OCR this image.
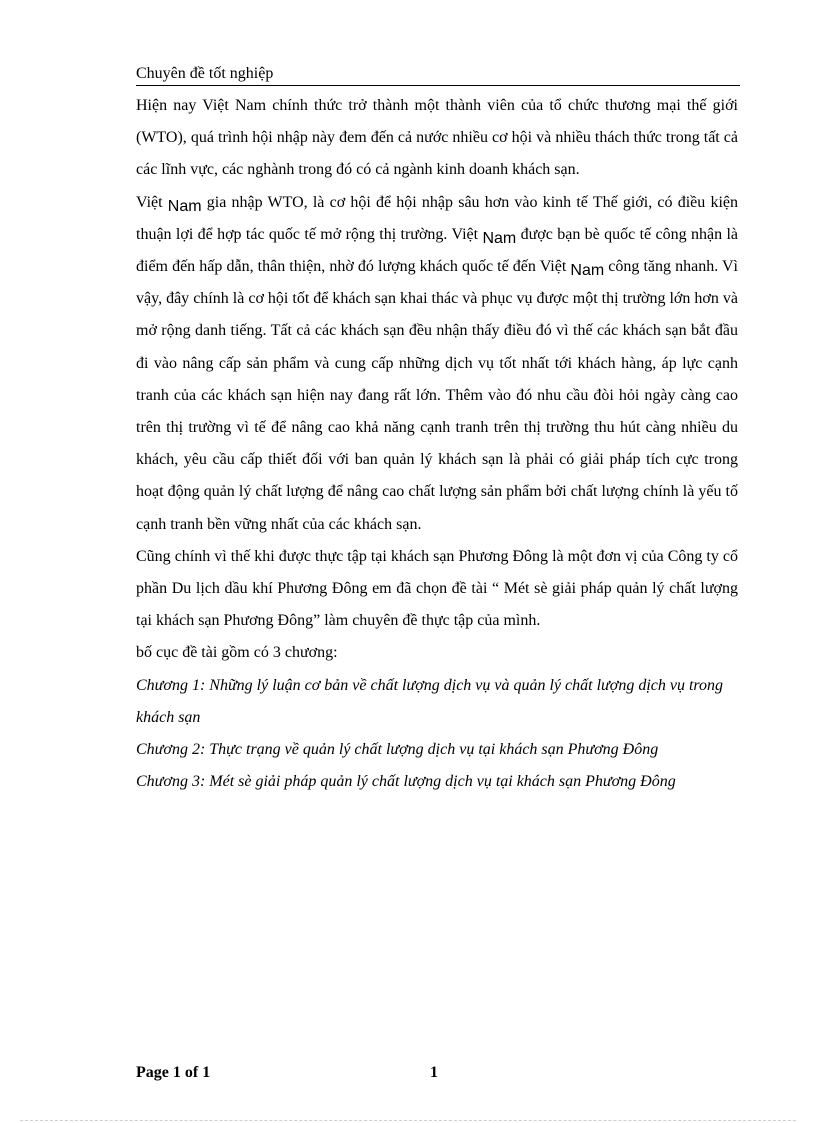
Chuyên đề tốt nghiệp

Hiện nay Việt Nam chính thức trở thành một thành viên của tổ chức thương mại thế giới (WTO), quá trình hội nhập này đem đến cả nước nhiều cơ hội và nhiều thách thức trong tất cả các lĩnh vực, các nghành trong đó có cả ngành kinh doanh khách sạn.

Việt Nam gia nhập WTO, là cơ hội để hội nhập sâu hơn vào kinh tế Thế giới, có điều kiện thuận lợi để hợp tác quốc tế mở rộng thị trường. Việt Nam được bạn bè quốc tế công nhận là điểm đến hấp dẫn, thân thiện, nhờ đó lượng khách quốc tế đến Việt Nam công tăng nhanh. Vì vậy, đây chính là cơ hội tốt để khách sạn khai thác và phục vụ được một thị trường lớn hơn và mở rộng danh tiếng. Tất cả các khách sạn đều nhận thấy điều đó vì thế các khách sạn bắt đầu đi vào nâng cấp sản phẩm và cung cấp những dịch vụ tốt nhất tới khách hàng, áp lực cạnh tranh của các khách sạn hiện nay đang rất lớn. Thêm vào đó nhu cầu đòi hỏi ngày càng cao trên thị trường vì tế để nâng cao khả năng cạnh tranh trên thị trường thu hút càng nhiều du khách, yêu cầu cấp thiết đối với ban quản lý khách sạn là phải có giải pháp tích cực trong hoạt động quản lý chất lượng để nâng cao chất lượng sản phẩm bởi chất lượng chính là yếu tố cạnh tranh bền vững nhất của các khách sạn.

Cũng chính vì thế khi được thực tập tại khách sạn Phương Đông là một đơn vị của Công ty cổ phần Du lịch dầu khí Phương Đông em đã chọn đề tài “ Mét sè giải pháp quản lý chất lượng tại khách sạn Phương Đông” làm chuyên đề thực tập của mình.

bố cục đề tài gồm có 3 chương:

Chương 1: Những lý luận cơ bản về chất lượng dịch vụ và quản lý chất lượng dịch vụ trong khách sạn

Chương 2: Thực trạng về quản lý chất lượng dịch vụ tại khách sạn Phương Đông

Chương 3: Mét sè giải pháp quản lý chất lượng dịch vụ tại khách sạn Phương Đông

Page 1 of 1	1
